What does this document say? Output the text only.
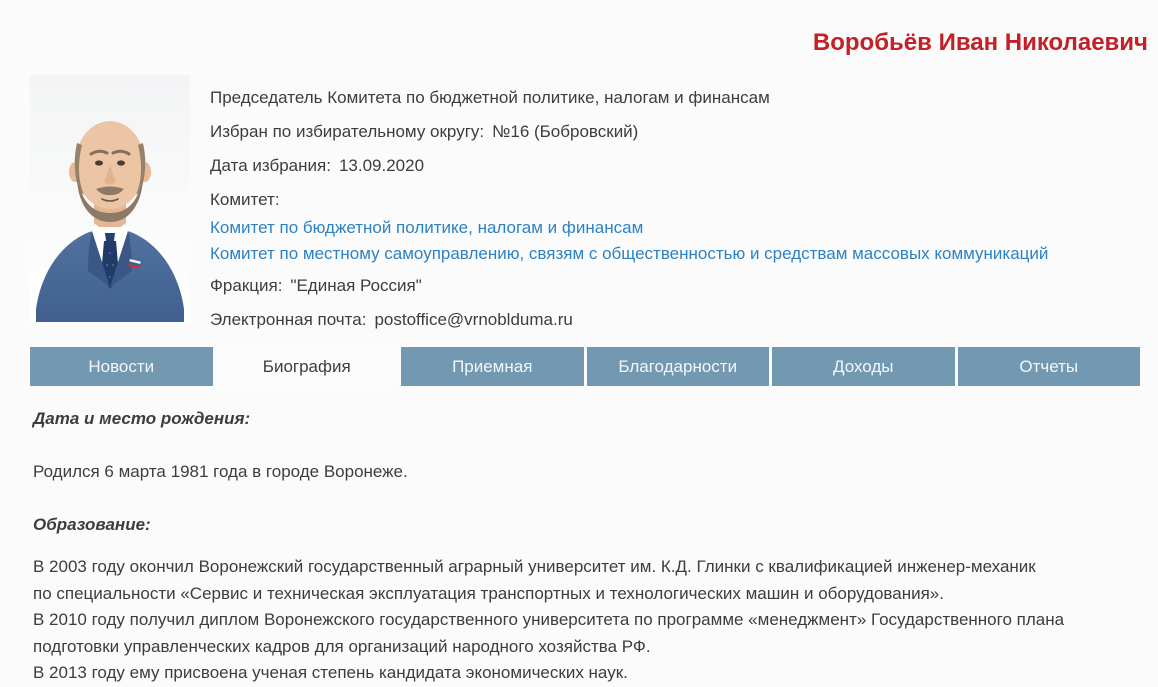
Воробьёв Иван Николаевич
Председатель Комитета по бюджетной политике, налогам и финансам
Избран по избирательному округу: №16 (Бобровский)
Дата избрания: 13.09.2020
Комитет:
Комитет по бюджетной политике, налогам и финансам
Комитет по местному самоуправлению, связям с общественностью и средствам массовых коммуникаций
Фракция: "Единая Россия"
Электронная почта: postoffice@vrnoblduma.ru
Новости	Биография	Приемная	Благодарности	Доходы	Отчеты
Дата и место рождения:
Родился 6 марта 1981 года в городе Воронеже.
Образование:
В 2003 году окончил Воронежский государственный аграрный университет им. К.Д. Глинки с квалификацией инженер-механик
по специальности «Сервис и техническая эксплуатация транспортных и технологических машин и оборудования».
В 2010 году получил диплом Воронежского государственного университета по программе «менеджмент» Государственного плана
подготовки управленческих кадров для организаций народного хозяйства РФ.
В 2013 году ему присвоена ученая степень кандидата экономических наук.
